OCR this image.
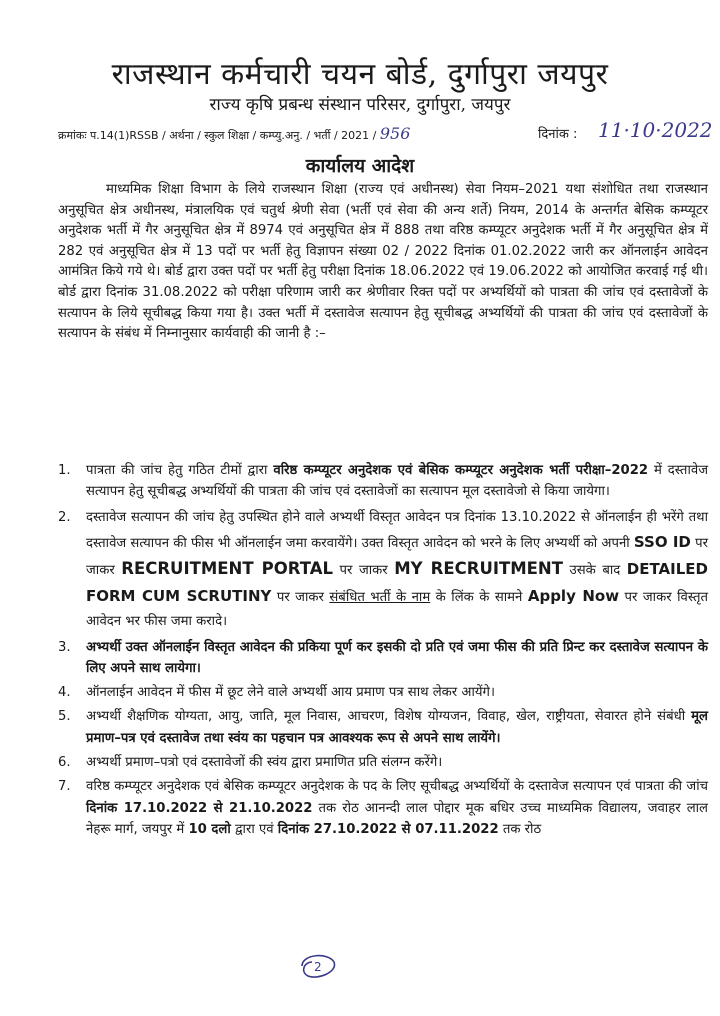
राजस्थान कर्मचारी चयन बोर्ड, दुर्गापुरा जयपुर
राज्य कृषि प्रबन्ध संस्थान परिसर, दुर्गापुरा, जयपुर
क्रमांकः प.14(1)RSSB / अर्थना / स्कुल शिक्षा / कम्प्यु.अनु. / भर्ती / 2021 / 956	दिनांक : 11·10·2022
कार्यालय आदेश
माध्यमिक शिक्षा विभाग के लिये राजस्थान शिक्षा (राज्य एवं अधीनस्थ) सेवा नियम–2021 यथा संशोधित तथा राजस्थान अनुसूचित क्षेत्र अधीनस्थ, मंत्रालयिक एवं चतुर्थ श्रेणी सेवा (भर्ती एवं सेवा की अन्य शर्ते) नियम, 2014 के अन्तर्गत बेसिक कम्प्यूटर अनुदेशक भर्ती में गैर अनुसूचित क्षेत्र में 8974 एवं अनुसूचित क्षेत्र में 888 तथा वरिष्ठ कम्प्यूटर अनुदेशक भर्ती में गैर अनुसूचित क्षेत्र में 282 एवं अनुसूचित क्षेत्र में 13 पदों पर भर्ती हेतु विज्ञापन संख्या 02 / 2022 दिनांक 01.02.2022 जारी कर ऑनलाईन आवेदन आमंत्रित किये गये थे। बोर्ड द्वारा उक्त पदों पर भर्ती हेतु परीक्षा दिनांक 18.06.2022 एवं 19.06.2022 को आयोजित करवाई गई थी। बोर्ड द्वारा दिनांक 31.08.2022 को परीक्षा परिणाम जारी कर श्रेणीवार रिक्त पदों पर अभ्यर्थियों को पात्रता की जांच एवं दस्तावेजों के सत्यापन के लिये सूचीबद्ध किया गया है। उक्त भर्ती में दस्तावेज सत्यापन हेतु सूचीबद्ध अभ्यर्थियों की पात्रता की जांच एवं दस्तावेजों के सत्यापन के संबंध में निम्नानुसार कार्यवाही की जानी है :–
1. पात्रता की जांच हेतु गठित टीमों द्वारा वरिष्ठ कम्प्यूटर अनुदेशक एवं बेसिक कम्प्यूटर अनुदेशक भर्ती परीक्षा–2022 में दस्तावेज सत्यापन हेतु सूचीबद्ध अभ्यर्थियों की पात्रता की जांच एवं दस्तावेजों का सत्यापन मूल दस्तावेजो से किया जायेगा।
2. दस्तावेज सत्यापन की जांच हेतु उपस्थित होने वाले अभ्यर्थी विस्तृत आवेदन पत्र दिनांक 13.10.2022 से ऑनलाईन ही भरेंगे तथा दस्तावेज सत्यापन की फीस भी ऑनलाईन जमा करवायेंगे। उक्त विस्तृत आवेदन को भरने के लिए अभ्यर्थी को अपनी SSO ID पर जाकर RECRUITMENT PORTAL पर जाकर MY RECRUITMENT उसके बाद DETAILED FORM CUM SCRUTINY पर जाकर संबंधित भर्ती के नाम के लिंक के सामने Apply Now पर जाकर विस्तृत आवेदन भर फीस जमा करादे।
3. अभ्यर्थी उक्त ऑनलाईन विस्तृत आवेदन की प्रकिया पूर्ण कर इसकी दो प्रति एवं जमा फीस की प्रति प्रिन्ट कर दस्तावेज सत्यापन के लिए अपने साथ लायेगा।
4. ऑनलाईन आवेदन में फीस में छूट लेने वाले अभ्यर्थी आय प्रमाण पत्र साथ लेकर आयेंगे।
5. अभ्यर्थी शैक्षणिक योग्यता, आयु, जाति, मूल निवास, आचरण, विशेष योग्यजन, विवाह, खेल, राष्ट्रीयता, सेवारत होने संबंधी मूल प्रमाण–पत्र एवं दस्तावेज तथा स्वंय का पहचान पत्र आवश्यक रूप से अपने साथ लायेंगे।
6. अभ्यर्थी प्रमाण–पत्रो एवं दस्तावेजों की स्वंय द्वारा प्रमाणित प्रति संलग्न करेंगे।
7. वरिष्ठ कम्प्यूटर अनुदेशक एवं बेसिक कम्प्यूटर अनुदेशक के पद के लिए सूचीबद्ध अभ्यर्थियों के दस्तावेज सत्यापन एवं पात्रता की जांच दिनांक 17.10.2022 से 21.10.2022 तक रोठ आनन्दी लाल पोद्दार मूक बधिर उच्च माध्यमिक विद्यालय, जवाहर लाल नेहरू मार्ग, जयपुर में 10 दलो द्वारा एवं दिनांक 27.10.2022 से 07.11.2022 तक रोठ
2
